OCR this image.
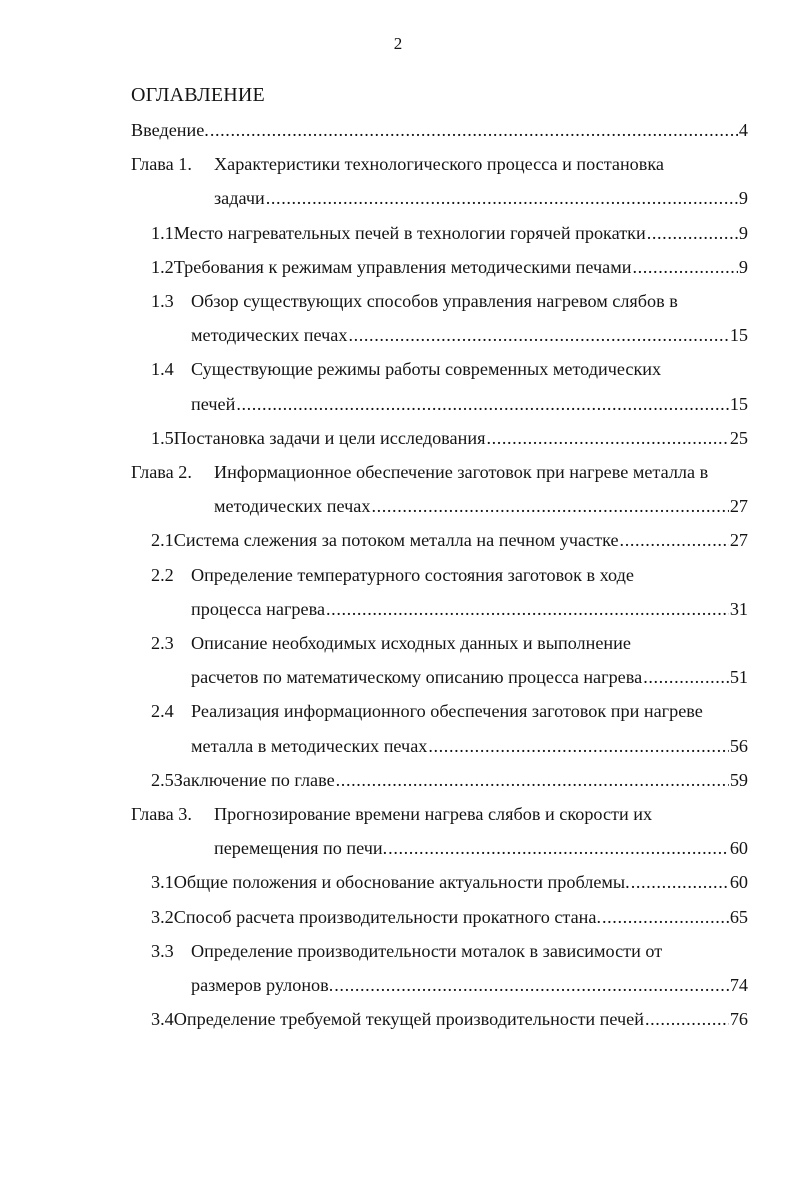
2
ОГЛАВЛЕНИЕ
Введение. .....	4
Глава 1.	Характеристики технологического процесса и постановка
задачи .....	9
1.1 Место нагревательных печей в технологии горячей прокатки .....	9
1.2 Требования к режимам управления методическими печами .....	9
1.3 Обзор существующих способов управления нагревом слябов в
методических печах .....	15
1.4 Существующие режимы работы современных методических
печей .....	15
1.5 Постановка задачи и цели исследования .....	25
Глава 2.	Информационное обеспечение заготовок при нагреве металла в
методических печах .....	27
2.1 Система слежения за потоком металла на печном участке .....	27
2.2 Определение температурного состояния заготовок в ходе
процесса нагрева .....	31
2.3 Описание необходимых исходных данных и выполнение
расчетов по математическому описанию процесса нагрева .....	51
2.4 Реализация информационного обеспечения заготовок при нагреве
металла в методических печах .....	56
2.5 Заключение по главе .....	59
Глава 3.	Прогнозирование времени нагрева слябов и скорости их
перемещения по печи. .....	60
3.1 Общие положения и обоснование актуальности проблемы. .....	60
3.2 Способ расчета производительности прокатного стана. .....	65
3.3 Определение производительности моталок в зависимости от
размеров рулонов. .....	74
3.4 Определение требуемой текущей производительности печей .....	76
